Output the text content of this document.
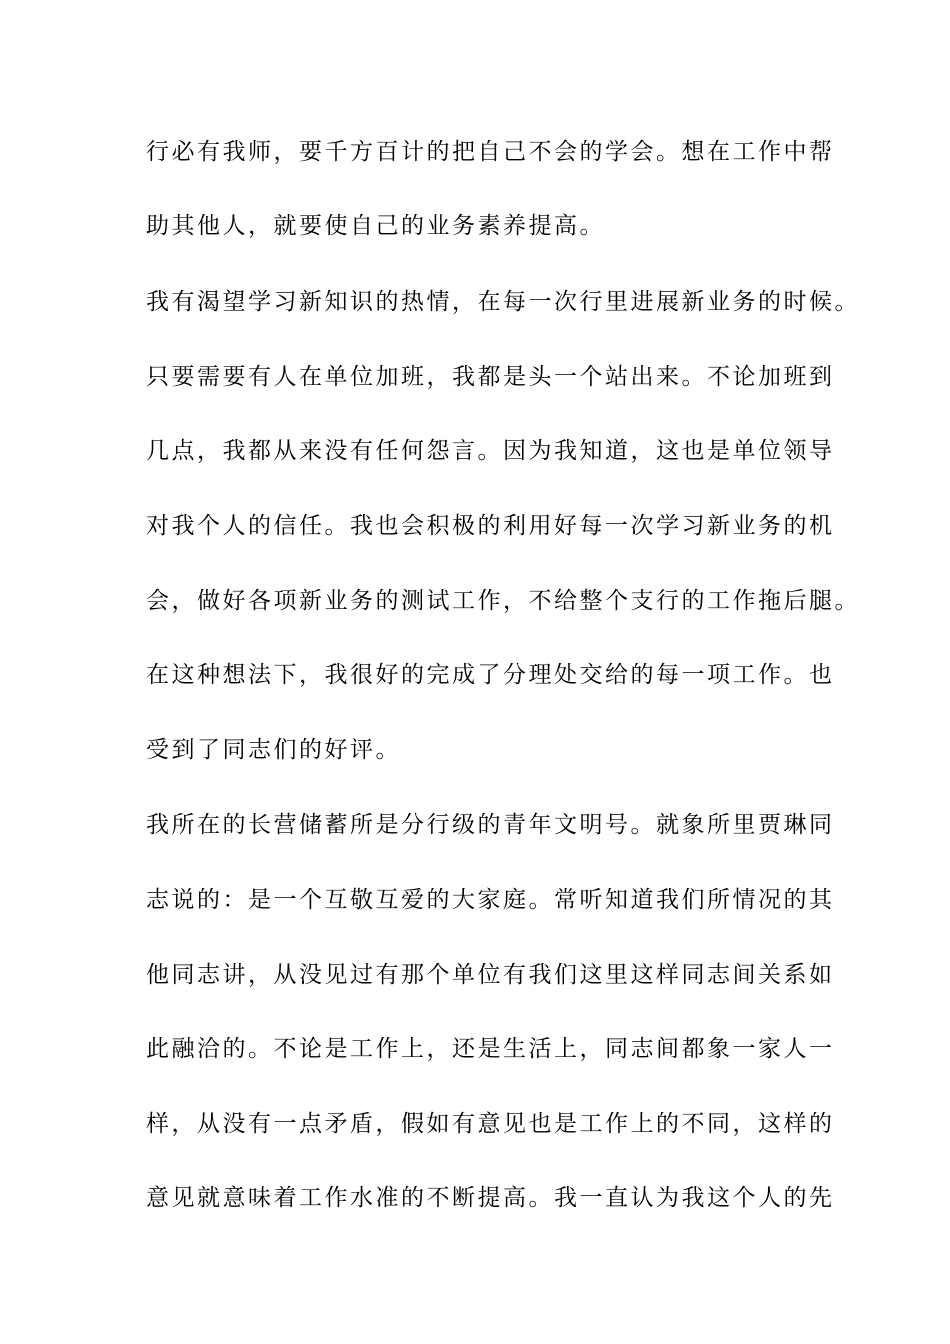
行必有我师，要千方百计的把自己不会的学会。想在工作中帮
助其他人，就要使自己的业务素养提高。
我有渴望学习新知识的热情，在每一次行里进展新业务的时候。
只要需要有人在单位加班，我都是头一个站出来。不论加班到
几点，我都从来没有任何怨言。因为我知道，这也是单位领导
对我个人的信任。我也会积极的利用好每一次学习新业务的机
会，做好各项新业务的测试工作，不给整个支行的工作拖后腿。
在这种想法下，我很好的完成了分理处交给的每一项工作。也
受到了同志们的好评。
我所在的长营储蓄所是分行级的青年文明号。就象所里贾琳同
志说的：是一个互敬互爱的大家庭。常听知道我们所情况的其
他同志讲，从没见过有那个单位有我们这里这样同志间关系如
此融洽的。不论是工作上，还是生活上，同志间都象一家人一
样，从没有一点矛盾，假如有意见也是工作上的不同，这样的
意见就意味着工作水准的不断提高。我一直认为我这个人的先
